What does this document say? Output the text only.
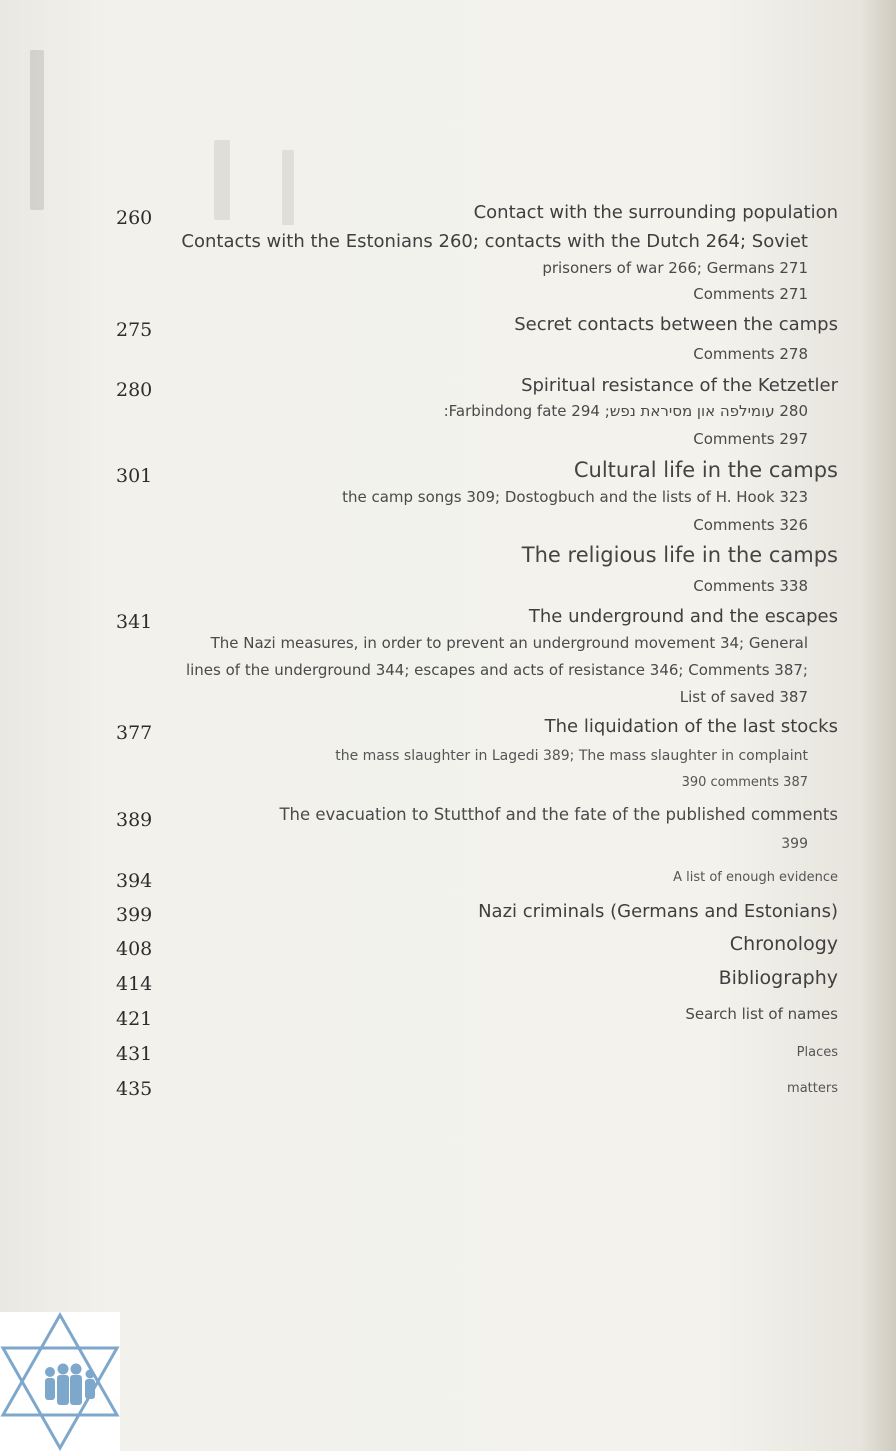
260	Contact with the surrounding population
Contacts with the Estonians 260; contacts with the Dutch 264; Soviet
prisoners of war 266; Germans 271
Comments 271
275	Secret contacts between the camps
Comments 278
280	Spiritual resistance of the Ketzetler
280 עומילפה און מסיראת נפש; Farbindong fate 294:
Comments 297
301	Cultural life in the camps
the camp songs 309; Dostogbuch and the lists of H. Hook 323
Comments 326
The religious life in the camps
Comments 338
341	The underground and the escapes
The Nazi measures, in order to prevent an underground movement 34; General
lines of the underground 344; escapes and acts of resistance 346; Comments 387;
List of saved 387
377	The liquidation of the last stocks
the mass slaughter in Lagedi 389; The mass slaughter in complaint
390 comments 387
389	The evacuation to Stutthof and the fate of the published comments
399
394	A list of enough evidence
399	Nazi criminals (Germans and Estonians)
408	Chronology
414	Bibliography
421	Search list of names
431	Places
435	matters
